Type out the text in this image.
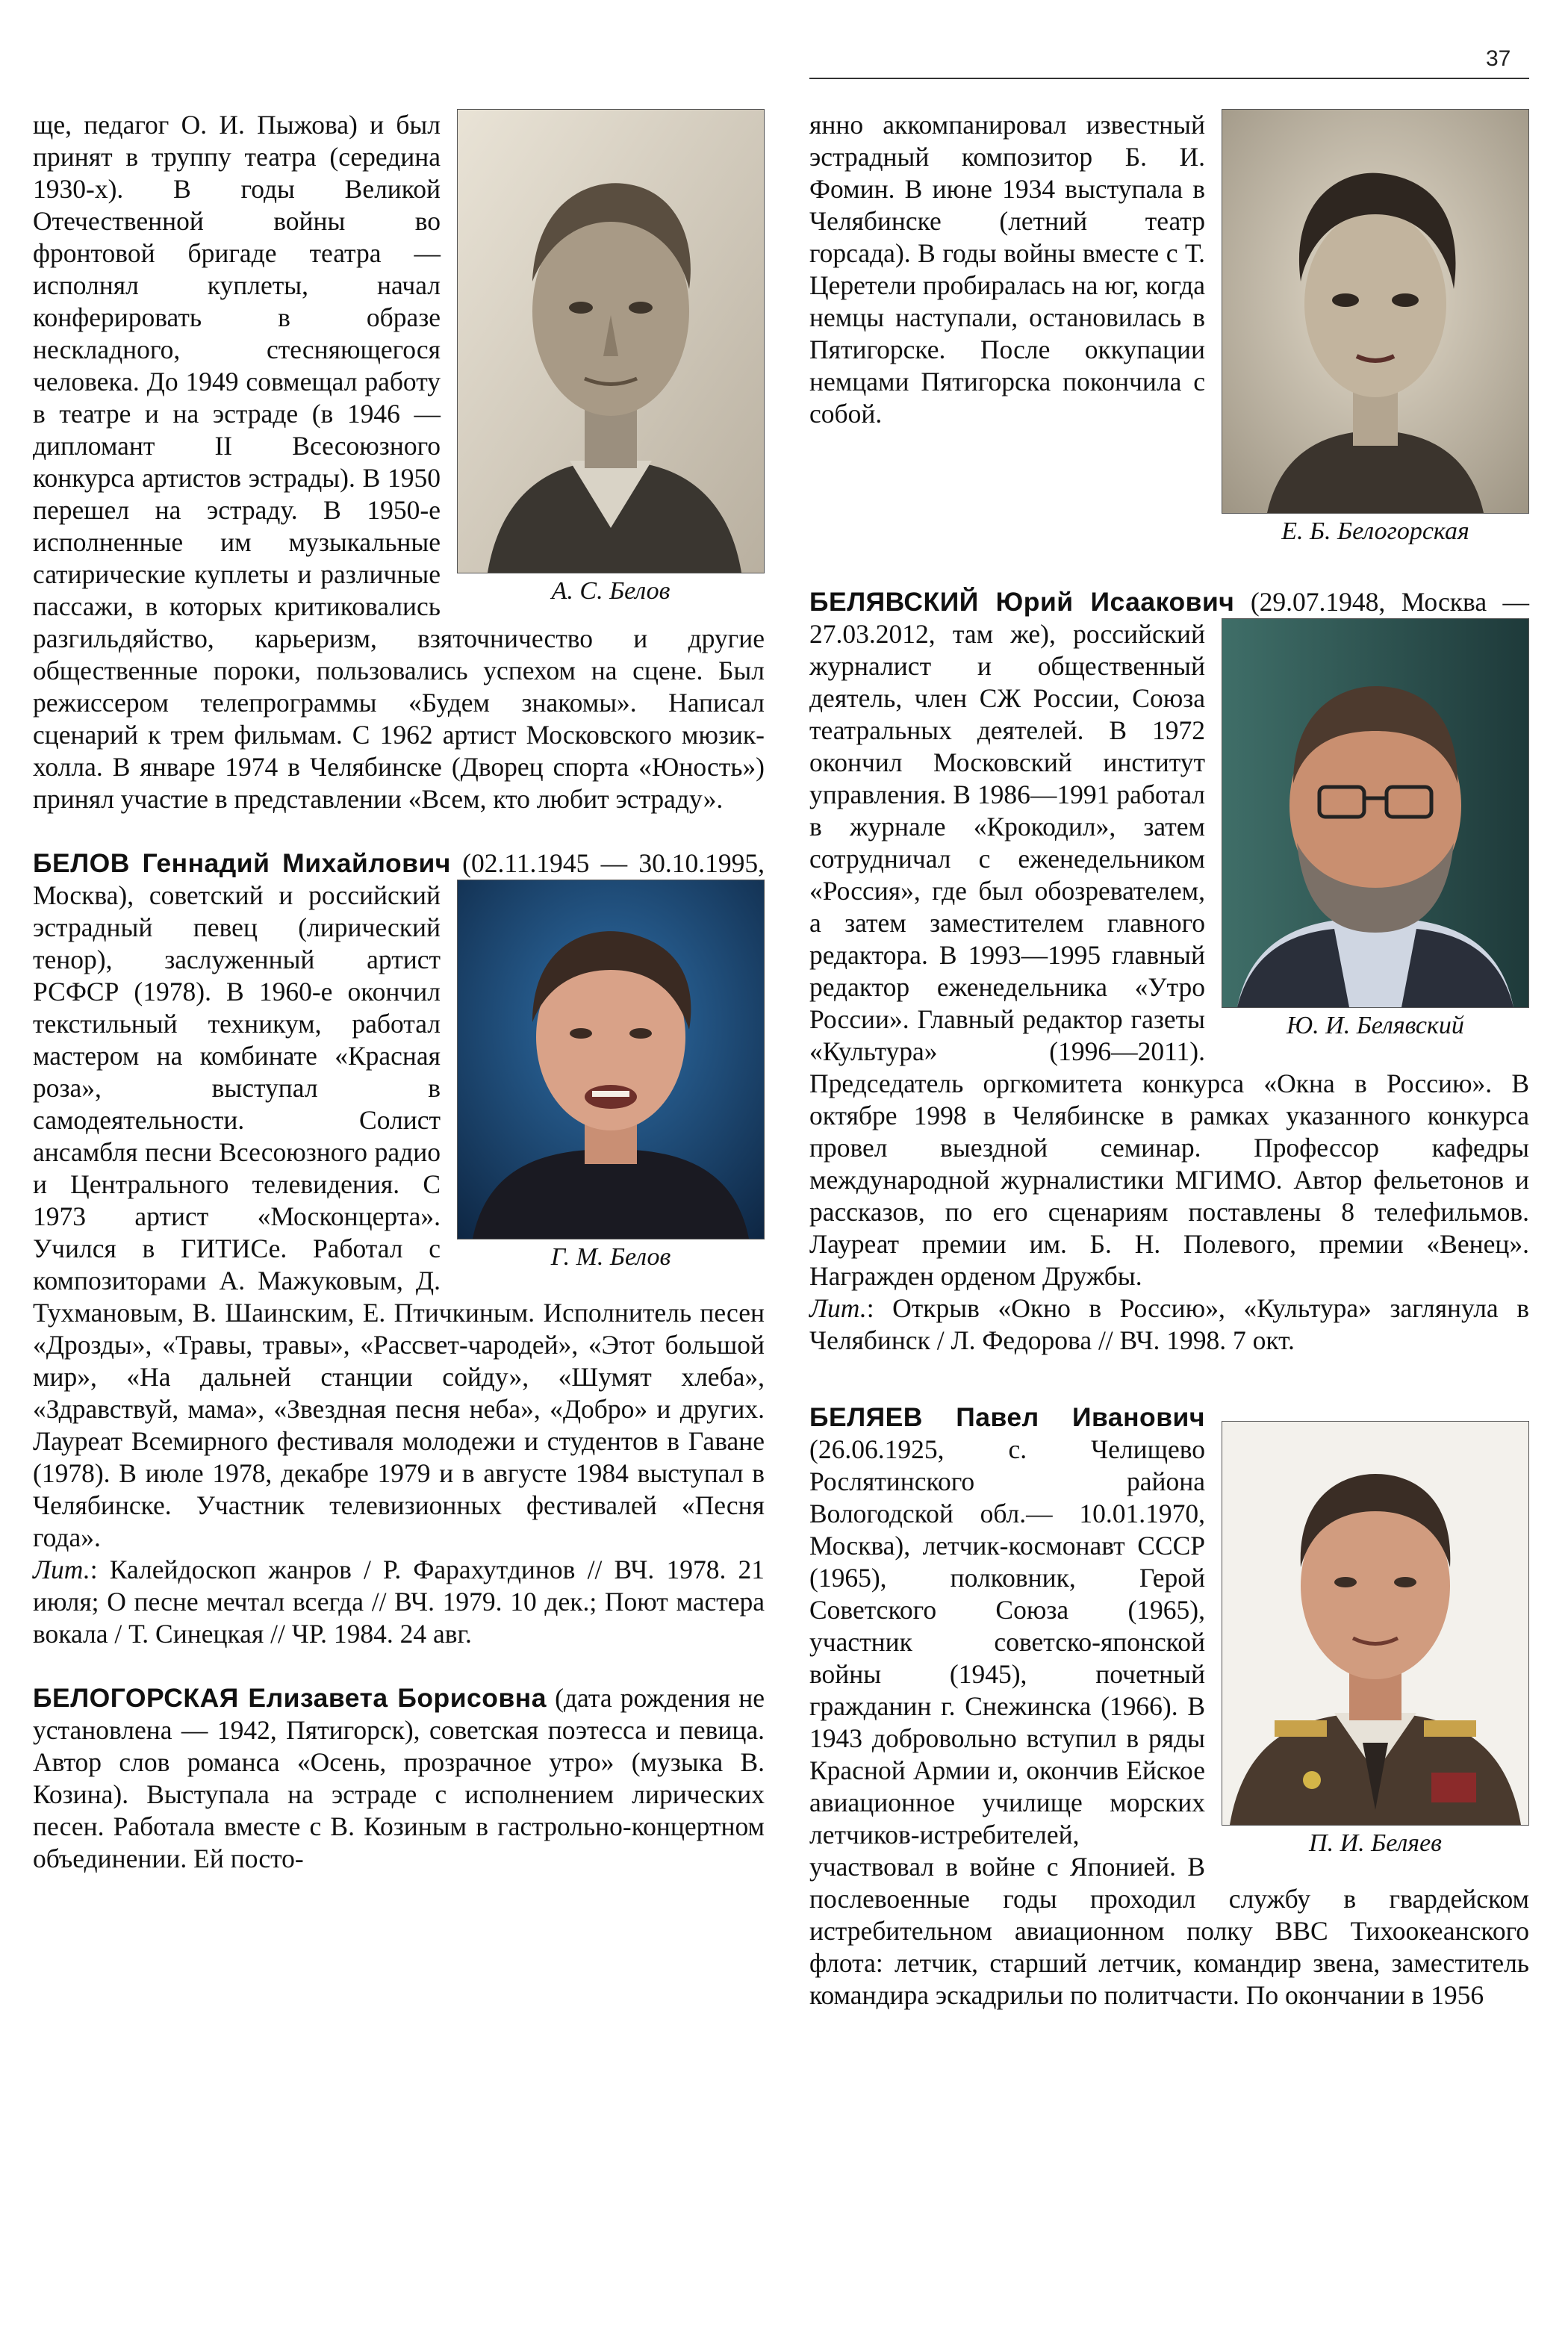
37
А. С. Белов

ще, педагог О. И. Пыжова) и был принят в труппу театра (середина 1930-х). В годы Великой Отечественной войны во фронтовой бригаде театра — исполнял куплеты, начал конферировать в образе нескладного, стесняющегося человека. До 1949 совмещал работу в театре и на эстраде (в 1946 — дипломант II Всесоюзного конкурса артистов эстрады). В 1950 перешел на эстраду. В 1950-е исполненные им музыкальные сатирические куплеты и различные пассажи, в которых критиковались разгильдяйство, карьеризм, взяточничество и другие общественные пороки, пользовались успехом на сцене. Был режиссером телепрограммы «Будем знакомы». Написал сценарий к трем фильмам. С 1962 артист Московского мюзик-холла. В январе 1974 в Челябинске (Дворец спорта «Юность») принял участие в представлении «Всем, кто любит эстраду».

Г. М. Белов

БЕЛОВ Геннадий Михайлович (02.11.1945 — 30.10.1995, Москва), советский и российский эстрадный певец (лирический тенор), заслуженный артист РСФСР (1978). В 1960-е окончил текстильный техникум, работал мастером на комбинате «Красная роза», выступал в самодеятельности. Солист ансамбля песни Всесоюзного радио и Центрального телевидения. С 1973 артист «Москонцерта». Учился в ГИТИСе. Работал с композиторами А. Мажуковым, Д. Тухмановым, В. Шаинским, Е. Птичкиным. Исполнитель песен «Дрозды», «Травы, травы», «Рассвет-чародей», «Этот большой мир», «На дальней станции сойду», «Шумят хлеба», «Здравствуй, мама», «Звездная песня неба», «Добро» и других. Лауреат Всемирного фестиваля молодежи и студентов в Гаване (1978). В июле 1978, декабре 1979 и в августе 1984 выступал в Челябинске. Участник телевизионных фестивалей «Песня года».

Лит.: Калейдоскоп жанров / Р. Фарахутдинов // ВЧ. 1978. 21 июля; О песне мечтал всегда // ВЧ. 1979. 10 дек.; Поют мастера вокала / Т. Синецкая // ЧР. 1984. 24 авг.

БЕЛОГОРСКАЯ Елизавета Борисовна (дата рождения не установлена — 1942, Пятигорск), советская поэтесса и певица. Автор слов романса «Осень, прозрачное утро» (музыка В. Козина). Выступала на эстраде с исполнением лирических песен. Работала вместе с В. Козиным в гастрольно-концертном объединении. Ей посто-

Е. Б. Белогорская

янно аккомпанировал известный эстрадный композитор Б. И. Фомин. В июне 1934 выступала в Челябинске (летний театр горсада). В годы войны вместе с Т. Церетели пробиралась на юг, когда немцы наступали, остановилась в Пятигорске. После оккупации немцами Пятигорска покончила с собой.

Ю. И. Белявский

БЕЛЯВСКИЙ Юрий Исаакович (29.07.1948, Москва — 27.03.2012, там же), российский журналист и общественный деятель, член СЖ России, Союза театральных деятелей. В 1972 окончил Московский институт управления. В 1986—1991 работал в журнале «Крокодил», затем сотрудничал с еженедельником «Россия», где был обозревателем, а затем заместителем главного редактора. В 1993—1995 главный редактор еженедельника «Утро России». Главный редактор газеты «Культура» (1996—2011). Председатель оргкомитета конкурса «Окна в Россию». В октябре 1998 в Челябинске в рамках указанного конкурса провел выездной семинар. Профессор кафедры международной журналистики МГИМО. Автор фельетонов и рассказов, по его сценариям поставлены 8 телефильмов. Лауреат премии им. Б. Н. Полевого, премии «Венец». Награжден орденом Дружбы.

Лит.: Открыв «Окно в Россию», «Культура» заглянула в Челябинск / Л. Федорова // ВЧ. 1998. 7 окт.

П. И. Беляев

БЕЛЯЕВ Павел Иванович (26.06.1925, с. Челищево Рослятинского района Вологодской обл.— 10.01.1970, Москва), летчик-космонавт СССР (1965), полковник, Герой Советского Союза (1965), участник советско-японской войны (1945), почетный гражданин г. Снежинска (1966). В 1943 добровольно вступил в ряды Красной Армии и, окончив Ейское авиационное училище морских летчиков-истребителей, участвовал в войне с Японией. В послевоенные годы проходил службу в гвардейском истребительном авиационном полку ВВС Тихоокеанского флота: летчик, старший летчик, командир звена, заместитель командира эскадрильи по политчасти. По окончании в 1956
